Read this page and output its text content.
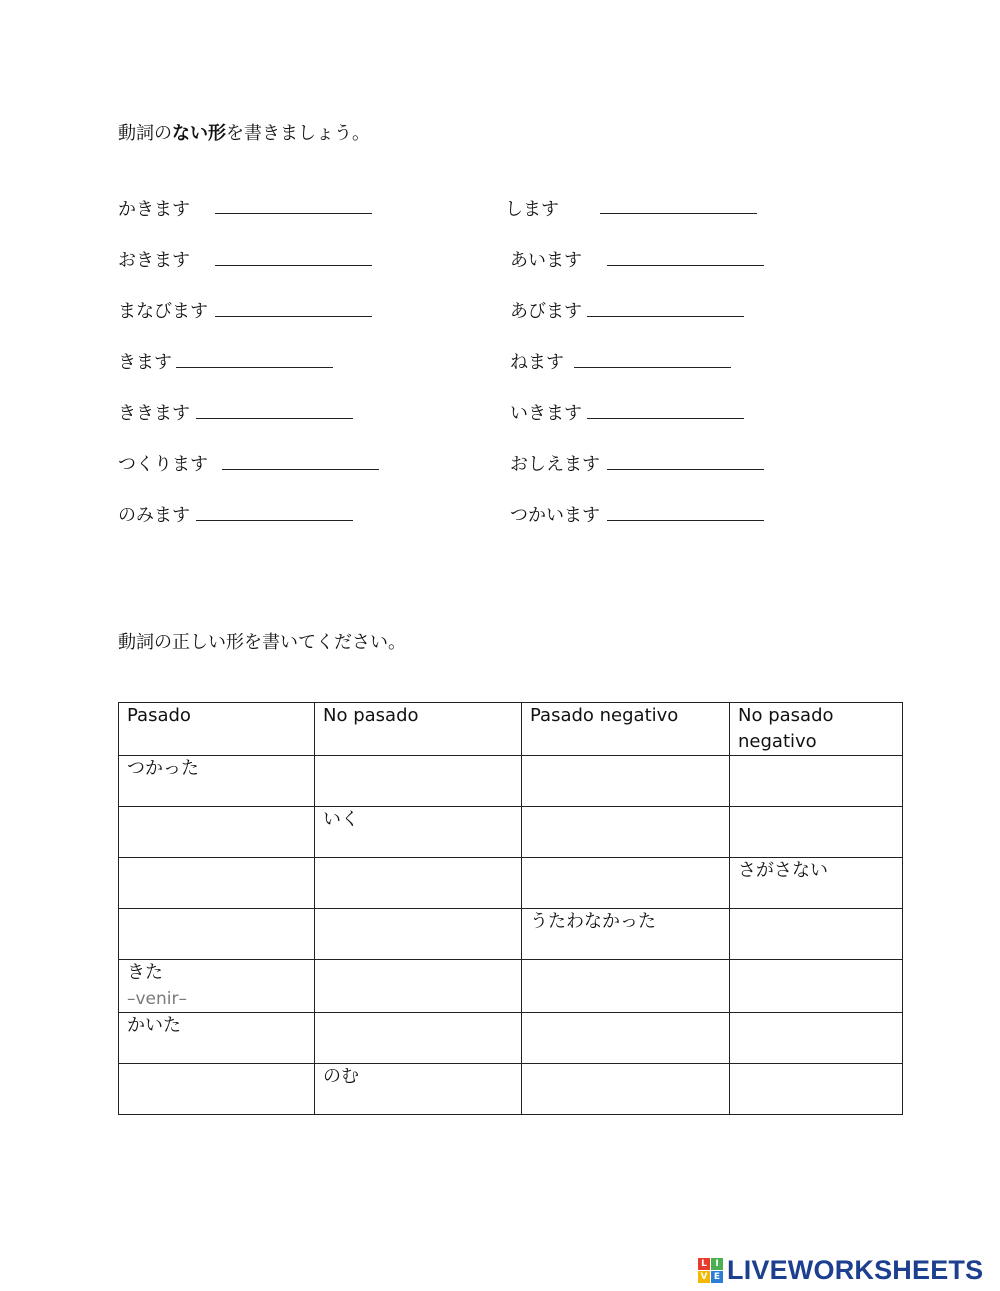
動詞のない形を書きましょう。
かきます
おきます
まなびます
きます
ききます
つくります
のみます
します
あいます
あびます
ねます
いきます
おしえます
つかいます
動詞の正しい形を書いてください。
Pasado	No pasado	Pasado negativo	No pasado negativo
つかった			
	いく		
			さがさない
		うたわなかった	

きた
–venir–			

かいた			
	のむ		
L I
V E LIVEWORKSHEETS
